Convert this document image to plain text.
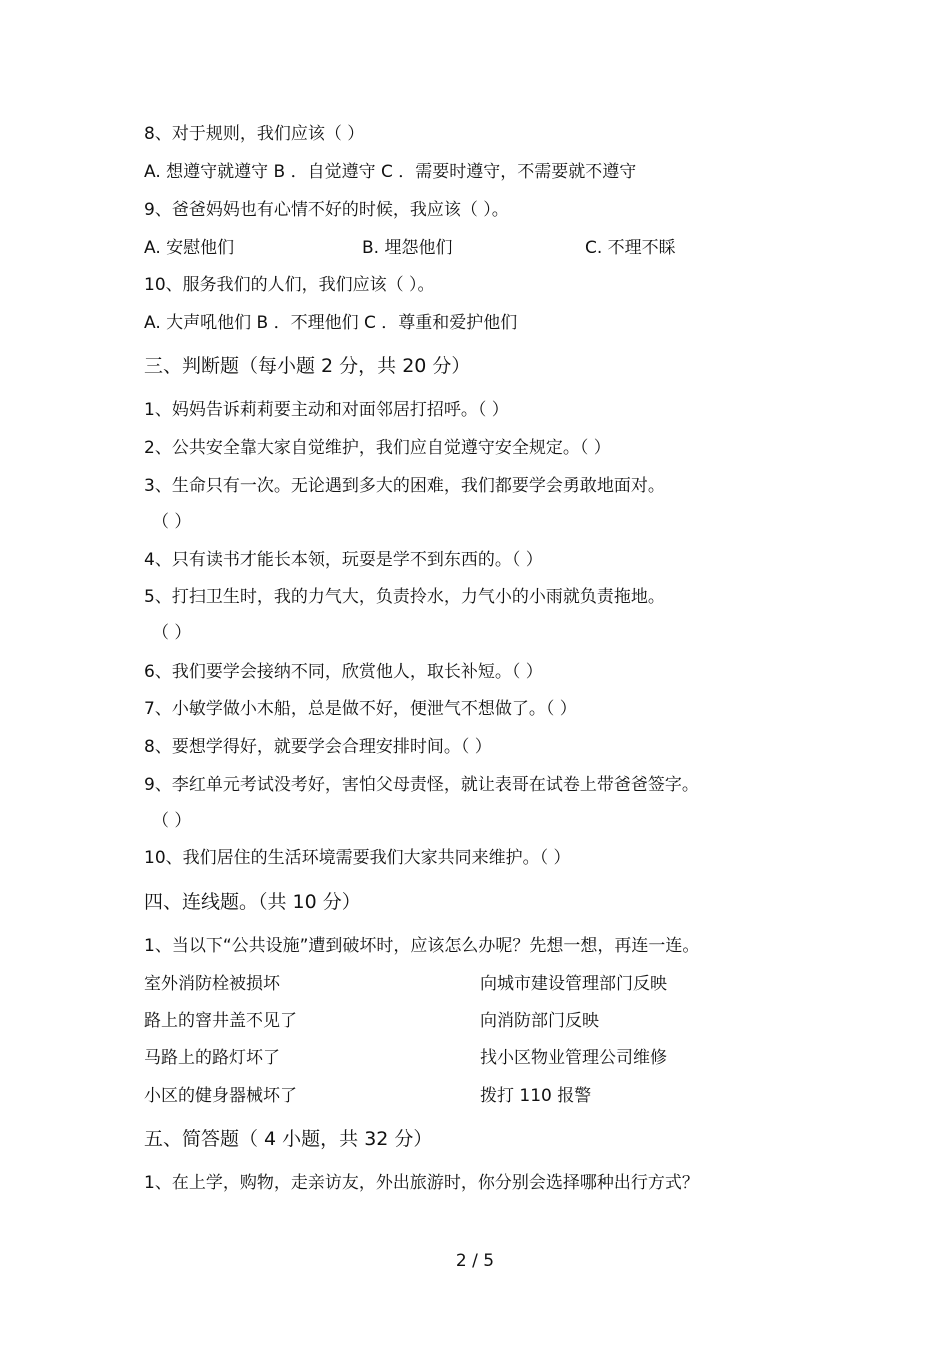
8、对于规则，我们应该（ ）
A. 想遵守就遵守 B ．自觉遵守 C ．需要时遵守，不需要就不遵守
9、爸爸妈妈也有心情不好的时候，我应该（ ）。
A. 安慰他们	B. 埋怨他们	C. 不理不睬
10、服务我们的人们，我们应该（ ）。
A. 大声吼他们 B ．不理他们 C ．尊重和爱护他们
三、判断题（每小题 2 分，共 20 分）
1、妈妈告诉莉莉要主动和对面邻居打招呼。（ ）
2、公共安全靠大家自觉维护，我们应自觉遵守安全规定。（ ）
3、生命只有一次。无论遇到多大的困难，我们都要学会勇敢地面对。
（ ）
4、只有读书才能长本领，玩耍是学不到东西的。（ ）
5、打扫卫生时，我的力气大，负责拎水，力气小的小雨就负责拖地。
（ ）
6、我们要学会接纳不同，欣赏他人，取长补短。（ ）
7、小敏学做小木船，总是做不好，便泄气不想做了。（ ）
8、要想学得好，就要学会合理安排时间。（ ）
9、李红单元考试没考好，害怕父母责怪，就让表哥在试卷上带爸爸签字。
（ ）
10、我们居住的生活环境需要我们大家共同来维护。（ ）
四、连线题。（共 10 分）
1、当以下“公共设施”遭到破坏时，应该怎么办呢？先想一想，再连一连。
室外消防栓被损坏	向城市建设管理部门反映
路上的窨井盖不见了	向消防部门反映
马路上的路灯坏了	找小区物业管理公司维修
小区的健身器械坏了	拨打 110 报警
五、简答题（ 4 小题，共 32 分）
1、在上学，购物，走亲访友，外出旅游时，你分别会选择哪种出行方式？
2 / 5
